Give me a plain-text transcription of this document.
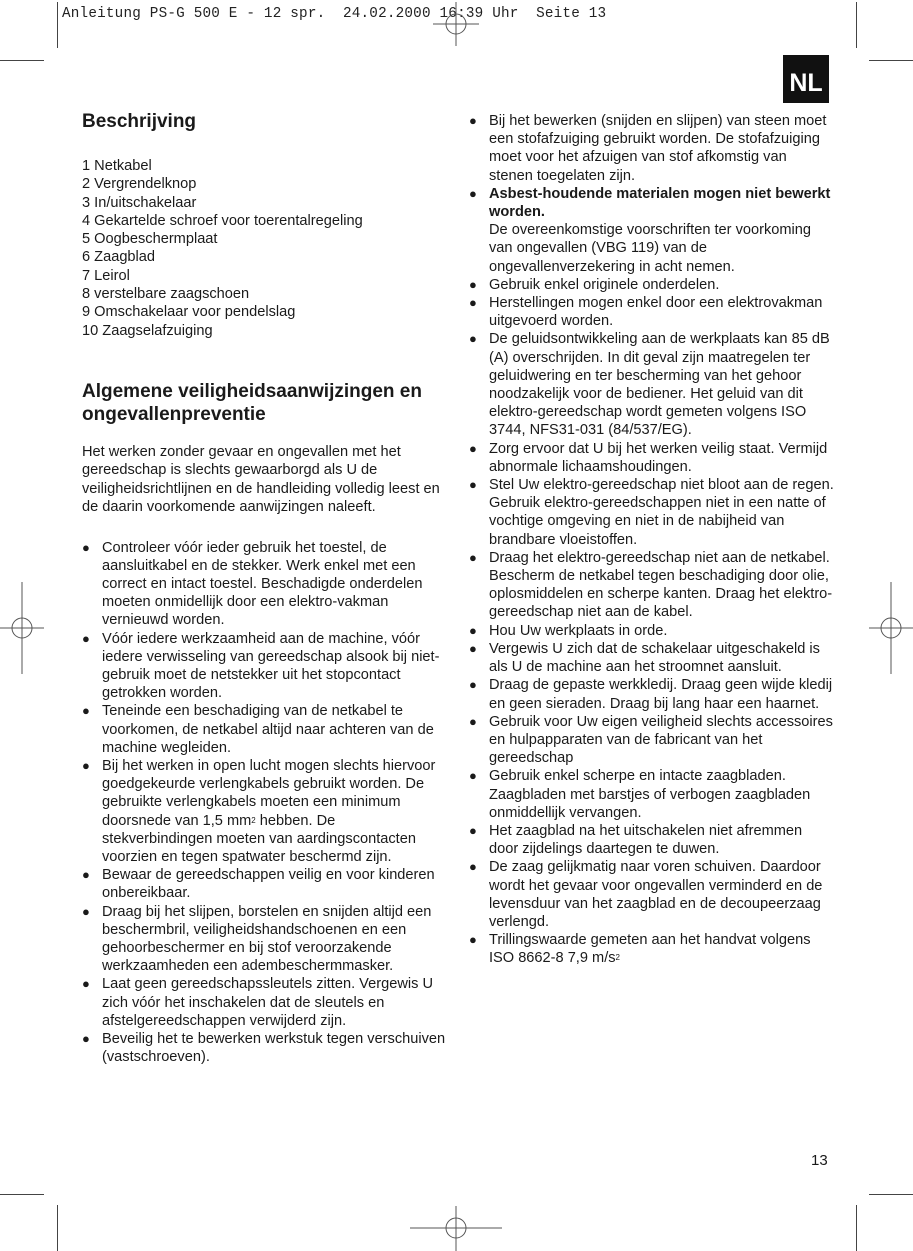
Anleitung PS-G 500 E - 12 spr.  24.02.2000 16:39 Uhr  Seite 13
NL
Beschrijving
1 Netkabel
2 Vergrendelknop
3 In/uitschakelaar
4 Gekartelde schroef voor toerentalregeling
5 Oogbeschermplaat
6 Zaagblad
7 Leirol
8 verstelbare zaagschoen
9 Omschakelaar voor pendelslag
10 Zaagselafzuiging
Algemene veiligheidsaanwijzingen en
ongevallenpreventie

Het werken zonder gevaar en ongevallen met het gereedschap is slechts gewaarborgd als U de veiligheidsrichtlijnen en de handleiding volledig leest en de daarin voorkomende aanwijzingen naleeft.

● Controleer vóór ieder gebruik het toestel, de aansluitkabel en de stekker. Werk enkel met een correct en intact toestel. Beschadigde onderdelen moeten onmidellijk door een elektro-vakman vernieuwd worden.
● Vóór iedere werkzaamheid aan de machine, vóór iedere verwisseling van gereedschap alsook bij niet-gebruik moet de netstekker uit het stopcontact getrokken worden.
● Teneinde een beschadiging van de netkabel te voorkomen, de netkabel altijd naar achteren van de machine wegleiden.
● Bij het werken in open lucht mogen slechts hiervoor goedgekeurde verlengkabels gebruikt worden. De gebruikte verlengkabels moeten een minimum doorsnede van 1,5 $mm^2$ hebben. De stekverbindingen moeten van aardingscontacten voorzien en tegen spatwater beschermd zijn.
● Bewaar de gereedschappen veilig en voor kinderen onbereikbaar.
● Draag bij het slijpen, borstelen en snijden altijd een beschermbril, veiligheidshandschoenen en een gehoorbeschermer en bij stof veroorzakende werkzaamheden een adembeschermmasker.
● Laat geen gereedschapssleutels zitten. Vergewis U zich vóór het inschakelen dat de sleutels en afstelgereedschappen verwijderd zijn.
● Beveilig het te bewerken werkstuk tegen verschuiven (vastschroeven).
● Bij het bewerken (snijden en slijpen) van steen moet een stofafzuiging gebruikt worden. De stofafzuiging moet voor het afzuigen van stof afkomstig van stenen toegelaten zijn.
● Asbest-houdende materialen mogen niet bewerkt worden.
De overeenkomstige voorschriften ter voorkoming van ongevallen (VBG 119) van de ongevallenverzekering in acht nemen.
● Gebruik enkel originele onderdelen.
● Herstellingen mogen enkel door een elektrovakman uitgevoerd worden.
● De geluidsontwikkeling aan de werkplaats kan 85 dB (A) overschrijden. In dit geval zijn maatregelen ter geluidwering en ter bescherming van het gehoor noodzakelijk voor de bediener. Het geluid van dit elektro-gereedschap wordt gemeten volgens ISO 3744, NFS31-031 (84/537/EG).
● Zorg ervoor dat U bij het werken veilig staat. Vermijd abnormale lichaamshoudingen.
● Stel Uw elektro-gereedschap niet bloot aan de regen. Gebruik elektro-gereedschappen niet in een natte of vochtige omgeving en niet in de nabijheid van brandbare vloeistoffen.
● Draag het elektro-gereedschap niet aan de netkabel. Bescherm de netkabel tegen beschadiging door olie, oplosmiddelen en scherpe kanten. Draag het elektro-gereedschap niet aan de kabel.
● Hou Uw werkplaats in orde.
● Vergewis U zich dat de schakelaar uitgeschakeld is als U de machine aan het stroomnet aansluit.
● Draag de gepaste werkkledij. Draag geen wijde kledij en geen sieraden. Draag bij lang haar een haarnet.
● Gebruik voor Uw eigen veiligheid slechts accessoires en hulpapparaten van de fabricant van het gereedschap
● Gebruik enkel scherpe en intacte zaagbladen. Zaagbladen met barstjes of verbogen zaagbladen onmiddellijk vervangen.
● Het zaagblad na het uitschakelen niet afremmen door zijdelings daartegen te duwen.
● De zaag gelijkmatig naar voren schuiven. Daardoor wordt het gevaar voor ongevallen verminderd en de levensduur van het zaagblad en de decoupeerzaag verlengd.
● Trillingswaarde gemeten aan het handvat volgens ISO 8662-8 7,9 $m/s^2$
13
